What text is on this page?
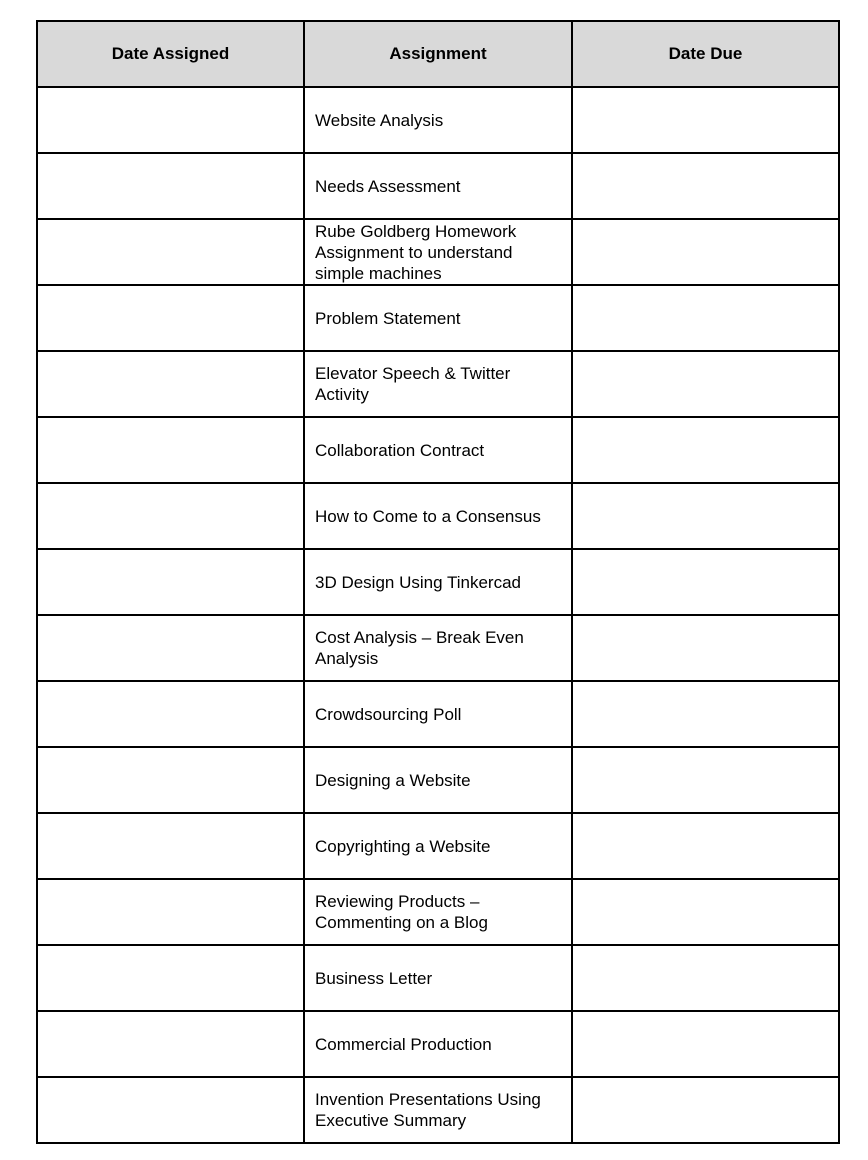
Date Assigned	Assignment	Date Due
	Website Analysis	
	Needs Assessment	
	Rube Goldberg Homework Assignment to understand simple machines	
	Problem Statement	
	Elevator Speech & Twitter Activity	
	Collaboration Contract	
	How to Come to a Consensus	
	3D Design Using Tinkercad	
	Cost Analysis – Break Even Analysis	
	Crowdsourcing Poll	
	Designing a Website	
	Copyrighting a Website	
	Reviewing Products – Commenting on a Blog	
	Business Letter	
	Commercial Production	
	Invention Presentations Using Executive Summary	
